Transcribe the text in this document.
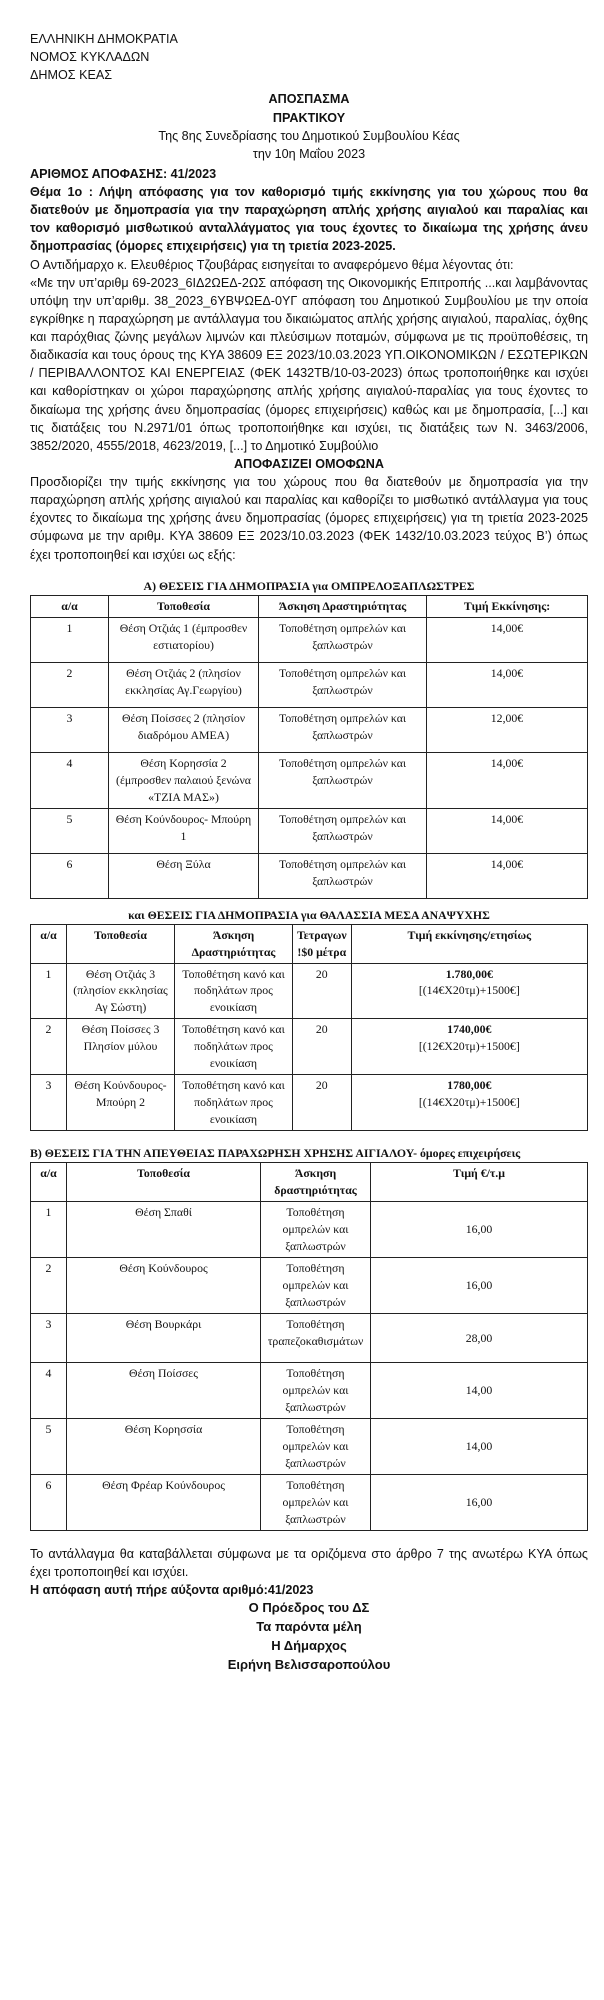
ΕΛΛΗΝΙΚΗ ΔΗΜΟΚΡΑΤΙΑ
ΝΟΜΟΣ ΚΥΚΛΑΔΩΝ
ΔΗΜΟΣ ΚΕΑΣ
ΑΠΟΣΠΑΣΜΑ
ΠΡΑΚΤΙΚΟΥ
Της 8ης Συνεδρίασης του Δημοτικού Συμβουλίου Κέας
την 10η Μαΐου 2023
ΑΡΙΘΜΟΣ ΑΠΟΦΑΣΗΣ: 41/2023
Θέμα 1ο : Λήψη απόφασης για τον καθορισμό τιμής εκκίνησης για του χώρους που θα διατεθούν με δημοπρασία για την παραχώρηση απλής χρήσης αιγιαλού και παραλίας και τον καθορισμό μισθωτικού ανταλλάγματος για τους έχοντες το δικαίωμα της χρήσης άνευ δημοπρασίας (όμορες επιχειρήσεις) για τη τριετία 2023-2025.
Ο Αντιδήμαρχο κ. Ελευθέριος Τζουβάρας εισηγείται το αναφερόμενο θέμα λέγοντας ότι:
«Με την υπ’αριθμ 69-2023_6ΙΔ2ΩΕΔ-2ΩΣ απόφαση της Οικονομικής Επιτροπής ...και λαμβάνοντας υπόψη την υπ’αριθμ. 38_2023_6ΥΒΨΩΕΔ-0ΥΓ απόφαση του Δημοτικού Συμβουλίου με την οποία εγκρίθηκε η παραχώρηση με αντάλλαγμα του δικαιώματος απλής χρήσης αιγιαλού, παραλίας, όχθης και παρόχθιας ζώνης μεγάλων λιμνών και πλεύσιμων ποταμών, σύμφωνα με τις προϋποθέσεις, τη διαδικασία και τους όρους της ΚΥΑ 38609 ΕΞ 2023/10.03.2023 ΥΠ.ΟΙΚΟΝΟΜΙΚΩΝ / ΕΣΩΤΕΡΙΚΩΝ / ΠΕΡΙΒΑΛΛΟΝΤΟΣ ΚΑΙ ΕΝΕΡΓΕΙΑΣ (ΦΕΚ 1432ΤΒ/10-03-2023) όπως τροποποιήθηκε και ισχύει και καθορίστηκαν οι χώροι παραχώρησης απλής χρήσης αιγιαλού-παραλίας για τους έχοντες το δικαίωμα της χρήσης άνευ δημοπρασίας (όμορες επιχειρήσεις) καθώς και με δημοπρασία, [...] και τις διατάξεις του Ν.2971/01 όπως τροποποιήθηκε και ισχύει, τις διατάξεις των Ν. 3463/2006, 3852/2020, 4555/2018, 4623/2019, [...] το Δημοτικό Συμβούλιο
ΑΠΟΦΑΣΙΖΕΙ ΟΜΟΦΩΝΑ
Προσδιορίζει την τιμής εκκίνησης για του χώρους που θα διατεθούν με δημοπρασία για την παραχώρηση απλής χρήσης αιγιαλού και παραλίας και καθορίζει το μισθωτικό αντάλλαγμα για τους έχοντες το δικαίωμα της χρήσης άνευ δημοπρασίας (όμορες επιχειρήσεις) για τη τριετία 2023-2025 σύμφωνα με την αριθμ. ΚΥΑ 38609 ΕΞ 2023/10.03.2023 (ΦΕΚ 1432/10.03.2023 τεύχος Β’) όπως έχει τροποποιηθεί και ισχύει ως εξής:
Α) ΘΕΣΕΙΣ ΓΙΑ ΔΗΜΟΠΡΑΣΙΑ για ΟΜΠΡΕΛΟΞΑΠΛΩΣΤΡΕΣ
α/α	Τοποθεσία	Άσκηση Δραστηριότητας	Τιμή Εκκίνησης:
1	Θέση Οτζιάς 1 (έμπροσθεν εστιατορίου)	Τοποθέτηση ομπρελών και ξαπλωστρών	14,00€
2	Θέση Οτζιάς 2 (πλησίον εκκλησίας Αγ.Γεωργίου)	Τοποθέτηση ομπρελών και ξαπλωστρών	14,00€
3	Θέση Ποίσσες 2 (πλησίον διαδρόμου ΑΜΕΑ)	Τοποθέτηση ομπρελών και ξαπλωστρών	12,00€
4	Θέση Κορησσία 2 (έμπροσθεν παλαιού ξενώνα «ΤΖΙΑ ΜΑΣ»)	Τοποθέτηση ομπρελών και ξαπλωστρών	14,00€
5	Θέση Κούνδουρος- Μπούρη 1	Τοποθέτηση ομπρελών και ξαπλωστρών	14,00€
6	Θέση Ξύλα	Τοποθέτηση ομπρελών και ξαπλωστρών	14,00€
και ΘΕΣΕΙΣ ΓΙΑ ΔΗΜΟΠΡΑΣΙΑ για ΘΑΛΑΣΣΙΑ ΜΕΣΑ ΑΝΑΨΥΧΗΣ
α/α	Τοποθεσία	Άσκηση Δραστηριότητας	Τετραγων !$0 μέτρα	Τιμή εκκίνησης/ετησίως
1	Θέση Οτζιάς 3 (πλησίον εκκλησίας Αγ Σώστη)	Τοποθέτηση κανό και ποδηλάτων προς ενοικίαση	20	1.780,00€
[(14€Χ20τμ)+1500€]

2	Θέση Ποίσσες 3 Πλησίον μύλου	Τοποθέτηση κανό και ποδηλάτων προς ενοικίαση	20	1740,00€
[(12€Χ20τμ)+1500€]

3	Θέση Κούνδουρος- Μπούρη 2	Τοποθέτηση κανό και ποδηλάτων προς ενοικίαση	20	1780,00€
[(14€Χ20τμ)+1500€]
Β) ΘΕΣΕΙΣ ΓΙΑ ΤΗΝ ΑΠΕΥΘΕΙΑΣ ΠΑΡΑΧΩΡΗΣΗ ΧΡΗΣΗΣ ΑΙΓΙΑΛΟΥ- όμορες επιχειρήσεις
α/α	Τοποθεσία	Άσκηση δραστηριότητας	Τιμή €/τ.μ
1	Θέση Σπαθί	Τοποθέτηση ομπρελών και ξαπλωστρών	16,00
2	Θέση Κούνδουρος	Τοποθέτηση ομπρελών και ξαπλωστρών	16,00
3	Θέση Βουρκάρι	Τοποθέτηση τραπεζοκαθισμάτων	28,00
4	Θέση Ποίσσες	Τοποθέτηση ομπρελών και ξαπλωστρών	14,00
5	Θέση Κορησσία	Τοποθέτηση ομπρελών και ξαπλωστρών	14,00
6	Θέση Φρέαρ Κούνδουρος	Τοποθέτηση ομπρελών και ξαπλωστρών	16,00
Το αντάλλαγμα θα καταβάλλεται σύμφωνα με τα οριζόμενα στο άρθρο 7 της ανωτέρω ΚΥΑ όπως έχει τροποποιηθεί και ισχύει.
Η απόφαση αυτή πήρε αύξοντα αριθμό:41/2023
Ο Πρόεδρος του ΔΣ
Τα παρόντα μέλη
Η Δήμαρχος
Ειρήνη Βελισσαροπούλου
